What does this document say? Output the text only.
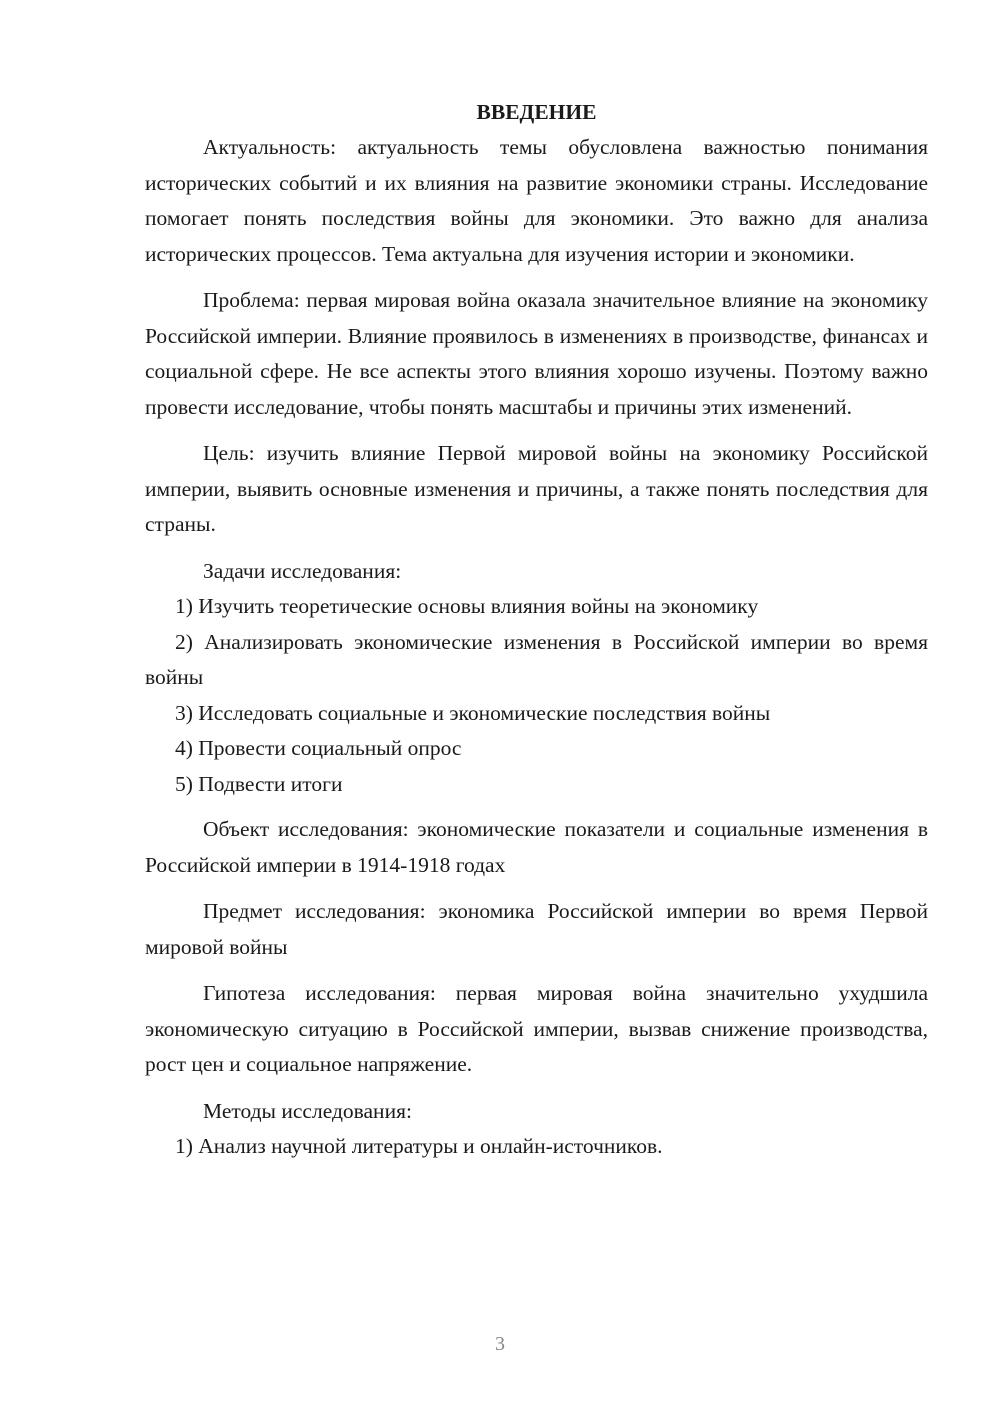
ВВЕДЕНИЕ

Актуальность: актуальность темы обусловлена важностью понимания исторических событий и их влияния на развитие экономики страны. Исследование помогает понять последствия войны для экономики. Это важно для анализа исторических процессов. Тема актуальна для изучения истории и экономики.

Проблема: первая мировая война оказала значительное влияние на экономику Российской империи. Влияние проявилось в изменениях в производстве, финансах и социальной сфере. Не все аспекты этого влияния хорошо изучены. Поэтому важно провести исследование, чтобы понять масштабы и причины этих изменений.

Цель: изучить влияние Первой мировой войны на экономику Российской империи, выявить основные изменения и причины, а также понять последствия для страны.

Задачи исследования:

1) Изучить теоретические основы влияния войны на экономику

2) Анализировать экономические изменения в Российской империи во время войны

3) Исследовать социальные и экономические последствия войны

4) Провести социальный опрос

5) Подвести итоги

Объект исследования: экономические показатели и социальные изменения в Российской империи в 1914-1918 годах

Предмет исследования: экономика Российской империи во время Первой мировой войны

Гипотеза исследования: первая мировая война значительно ухудшила экономическую ситуацию в Российской империи, вызвав снижение производства, рост цен и социальное напряжение.

Методы исследования:

1) Анализ научной литературы и онлайн-источников.

3
